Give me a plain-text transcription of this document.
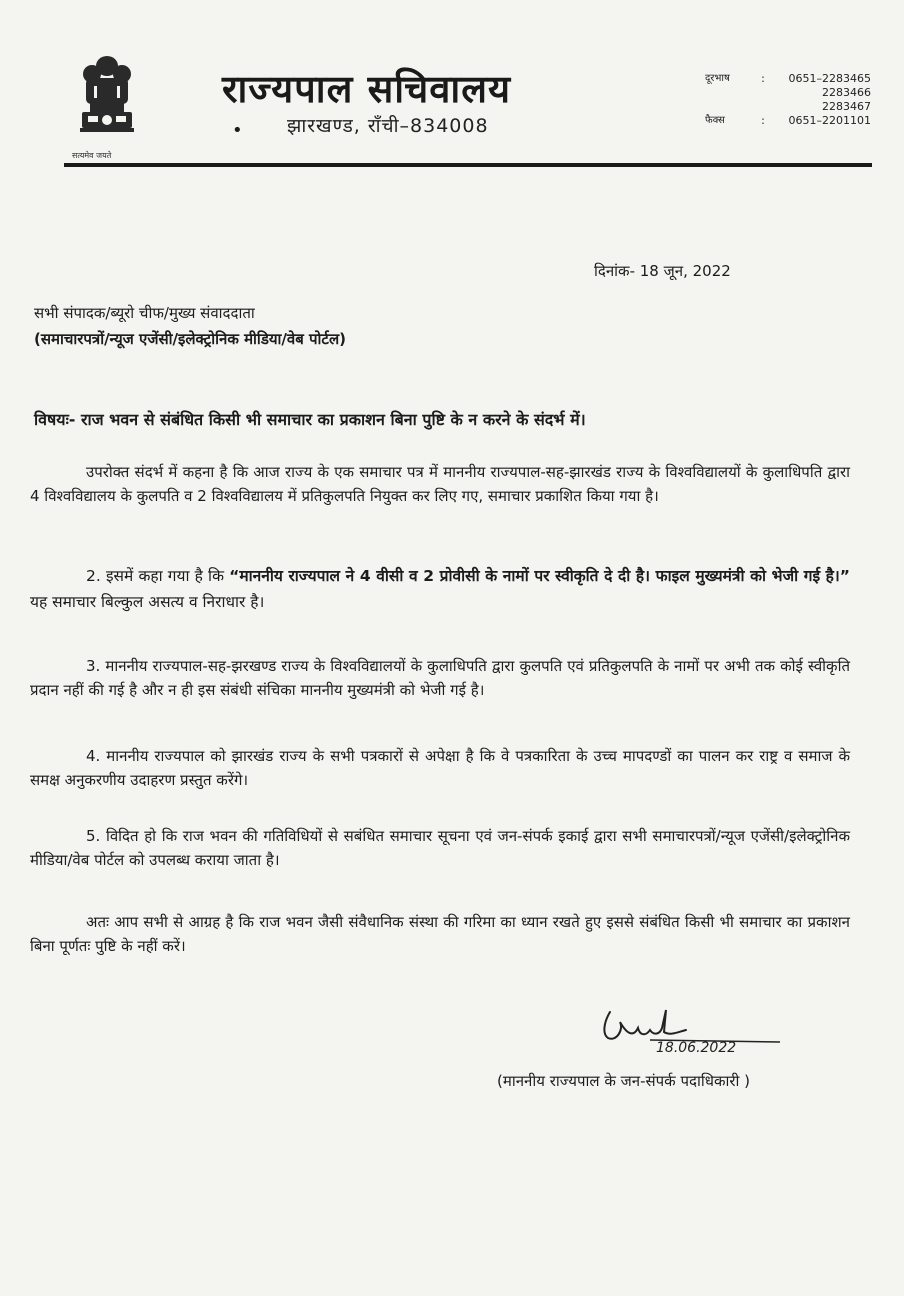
सत्यमेव जयते
राज्यपाल सचिवालय
• झारखण्ड, राँची–834008
दूरभाष	:	0651–2283465
2283466
2283467
फैक्स	:	0651–2201101
दिनांक- 18 जून, 2022
सभी संपादक/ब्यूरो चीफ/मुख्य संवाददाता
(समाचारपत्रों/न्यूज एजेंसी/इलेक्ट्रोनिक मीडिया/वेब पोर्टल)
विषयः- राज भवन से संबंधित किसी भी समाचार का प्रकाशन बिना पुष्टि के न करने के संदर्भ में।
उपरोक्त संदर्भ में कहना है कि आज राज्य के एक समाचार पत्र में माननीय राज्यपाल-सह-झारखंड राज्य के विश्वविद्यालयों के कुलाधिपति द्वारा 4 विश्वविद्यालय के कुलपति व 2 विश्वविद्यालय में प्रतिकुलपति नियुक्त कर लिए गए, समाचार प्रकाशित किया गया है।
2. इसमें कहा गया है कि “माननीय राज्यपाल ने 4 वीसी व 2 प्रोवीसी के नामों पर स्वीकृति दे दी है। फाइल मुख्यमंत्री को भेजी गई है।” यह समाचार बिल्कुल असत्य व निराधार है।
3. माननीय राज्यपाल-सह-झरखण्ड राज्य के विश्वविद्यालयों के कुलाधिपति द्वारा कुलपति एवं प्रतिकुलपति के नामों पर अभी तक कोई स्वीकृति प्रदान नहीं की गई है और न ही इस संबंधी संचिका माननीय मुख्यमंत्री को भेजी गई है।
4. माननीय राज्यपाल को झारखंड राज्य के सभी पत्रकारों से अपेक्षा है कि वे पत्रकारिता के उच्च मापदण्डों का पालन कर राष्ट्र व समाज के समक्ष अनुकरणीय उदाहरण प्रस्तुत करेंगे।
5. विदित हो कि राज भवन की गतिविधियों से सबंधित समाचार सूचना एवं जन-संपर्क इकाई द्वारा सभी समाचारपत्रों/न्यूज एजेंसी/इलेक्ट्रोनिक मीडिया/वेब पोर्टल को उपलब्ध कराया जाता है।
अतः आप सभी से आग्रह है कि राज भवन जैसी संवैधानिक संस्था की गरिमा का ध्यान रखते हुए इससे संबंधित किसी भी समाचार का प्रकाशन बिना पूर्णतः पुष्टि के नहीं करें।
18.06.2022
(माननीय राज्यपाल के जन-संपर्क पदाधिकारी )
